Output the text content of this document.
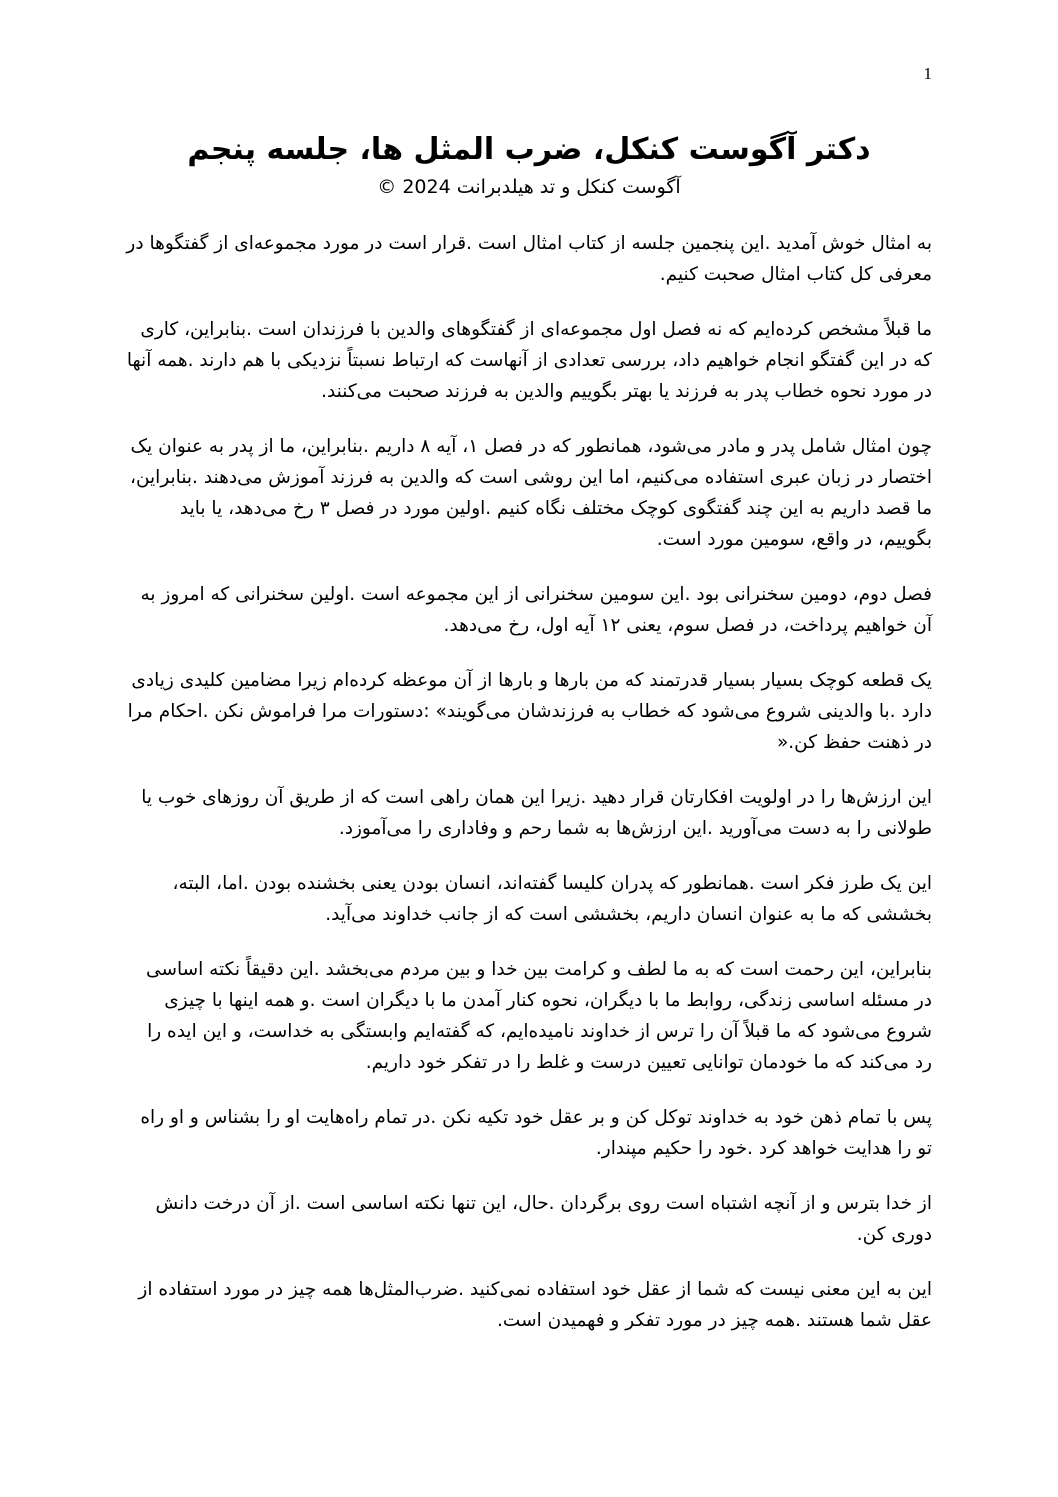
1
دکتر آگوست کنکل، ضرب المثل ها، جلسه پنجم

آگوست کنکل و تد هیلدبرانت 2024 ©

به امثال خوش آمدید .این پنجمین جلسه از کتاب امثال است .قرار است در مورد مجموعه‌ای از گفتگوها در معرفی کل کتاب امثال صحبت کنیم.

ما قبلاً مشخص کرده‌ایم که نه فصل اول مجموعه‌ای از گفتگوهای والدین با فرزندان است .بنابراین، کاری که در این گفتگو انجام خواهیم داد، بررسی تعدادی از آنهاست که ارتباط نسبتاً نزدیکی با هم دارند .همه آنها در مورد نحوه خطاب پدر به فرزند یا بهتر بگوییم والدین به فرزند صحبت می‌کنند.

چون امثال شامل پدر و مادر می‌شود، همانطور که در فصل ۱، آیه ۸ داریم .بنابراین، ما از پدر به عنوان یک اختصار در زبان عبری استفاده می‌کنیم، اما این روشی است که والدین به فرزند آموزش می‌دهند .بنابراین، ما قصد داریم به این چند گفتگوی کوچک مختلف نگاه کنیم .اولین مورد در فصل ۳ رخ می‌دهد، یا باید بگوییم، در واقع، سومین مورد است.

فصل دوم، دومین سخنرانی بود .این سومین سخنرانی از این مجموعه است .اولین سخنرانی که امروز به آن خواهیم پرداخت، در فصل سوم، یعنی ۱۲ آیه اول، رخ می‌دهد.

یک قطعه کوچک بسیار بسیار قدرتمند که من بارها و بارها از آن موعظه کرده‌ام زیرا مضامین کلیدی زیادی دارد .با والدینی شروع می‌شود که خطاب به فرزندشان می‌گویند» :دستورات مرا فراموش نکن .احکام مرا در ذهنت حفظ کن.«

این ارزش‌ها را در اولویت افکارتان قرار دهید .زیرا این همان راهی است که از طریق آن روزهای خوب یا طولانی را به دست می‌آورید .این ارزش‌ها به شما رحم و وفاداری را می‌آموزد.

این یک طرز فکر است .همانطور که پدران کلیسا گفته‌اند، انسان بودن یعنی بخشنده بودن .اما، البته، بخششی که ما به عنوان انسان داریم، بخششی است که از جانب خداوند می‌آید.

بنابراین، این رحمت است که به ما لطف و کرامت بین خدا و بین مردم می‌بخشد .این دقیقاً نکته اساسی در مسئله اساسی زندگی، روابط ما با دیگران، نحوه کنار آمدن ما با دیگران است .و همه اینها با چیزی شروع می‌شود که ما قبلاً آن را ترس از خداوند نامیده‌ایم، که گفته‌ایم وابستگی به خداست، و این ایده را رد می‌کند که ما خودمان توانایی تعیین درست و غلط را در تفکر خود داریم.

پس با تمام ذهن خود به خداوند توکل کن و بر عقل خود تکیه نکن .در تمام راه‌هایت او را بشناس و او راه تو را هدایت خواهد کرد .خود را حکیم مپندار.

از خدا بترس و از آنچه اشتباه است روی برگردان .حال، این تنها نکته اساسی است .از آن درخت دانش دوری کن.

این به این معنی نیست که شما از عقل خود استفاده نمی‌کنید .ضرب‌المثل‌ها همه چیز در مورد استفاده از عقل شما هستند .همه چیز در مورد تفکر و فهمیدن است.
